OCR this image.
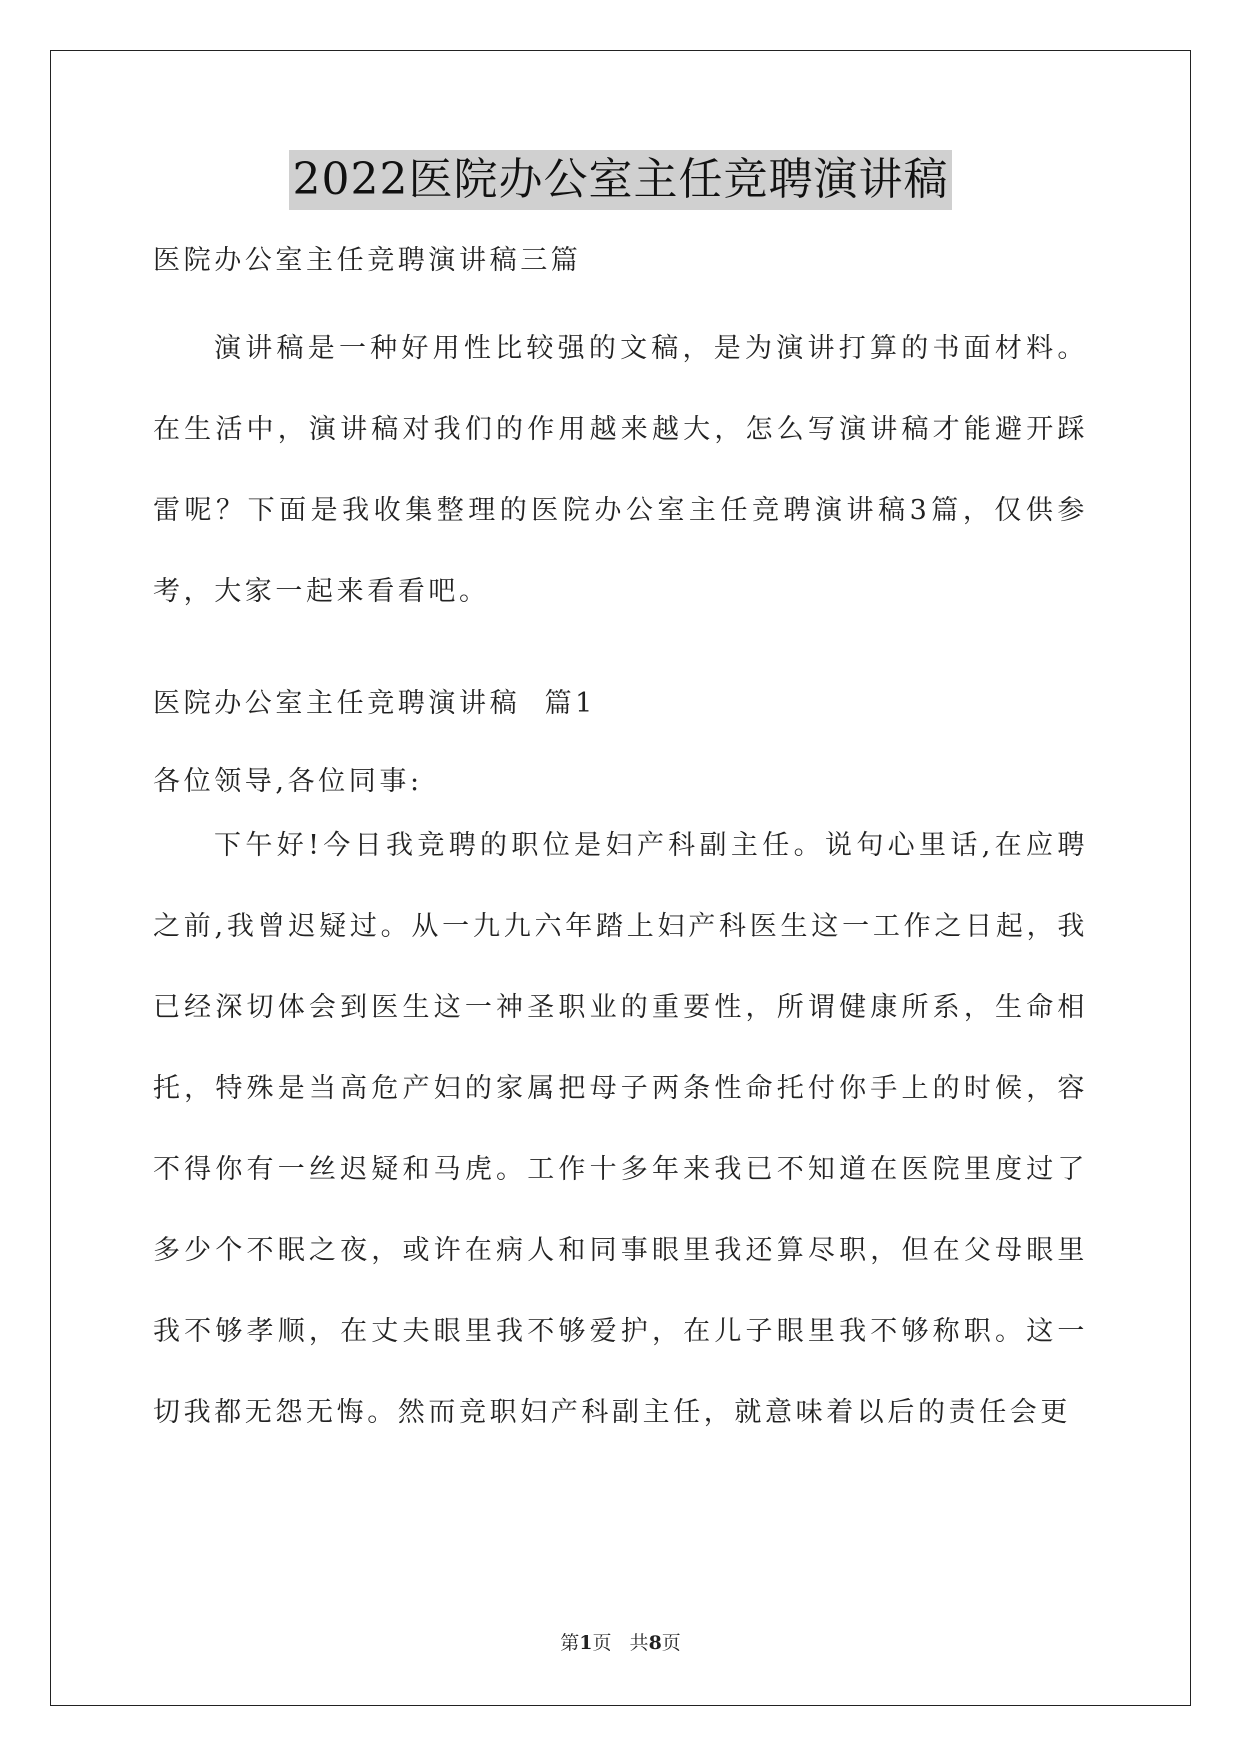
2022医院办公室主任竞聘演讲稿
医院办公室主任竞聘演讲稿三篇

演讲稿是一种好用性比较强的文稿，是为演讲打算的书面材料。在生活中，演讲稿对我们的作用越来越大，怎么写演讲稿才能避开踩雷呢？下面是我收集整理的医院办公室主任竞聘演讲稿3篇，仅供参考，大家一起来看看吧。

医院办公室主任竞聘演讲稿  篇1
各位领导,各位同事:

下午好!今日我竞聘的职位是妇产科副主任。说句心里话,在应聘之前,我曾迟疑过。从一九九六年踏上妇产科医生这一工作之日起，我已经深切体会到医生这一神圣职业的重要性，所谓健康所系，生命相托，特殊是当高危产妇的家属把母子两条性命托付你手上的时候，容不得你有一丝迟疑和马虎。工作十多年来我已不知道在医院里度过了多少个不眠之夜，或许在病人和同事眼里我还算尽职，但在父母眼里我不够孝顺，在丈夫眼里我不够爱护，在儿子眼里我不够称职。这一切我都无怨无悔。然而竞职妇产科副主任，就意味着以后的责任会更

第1页   共8页
